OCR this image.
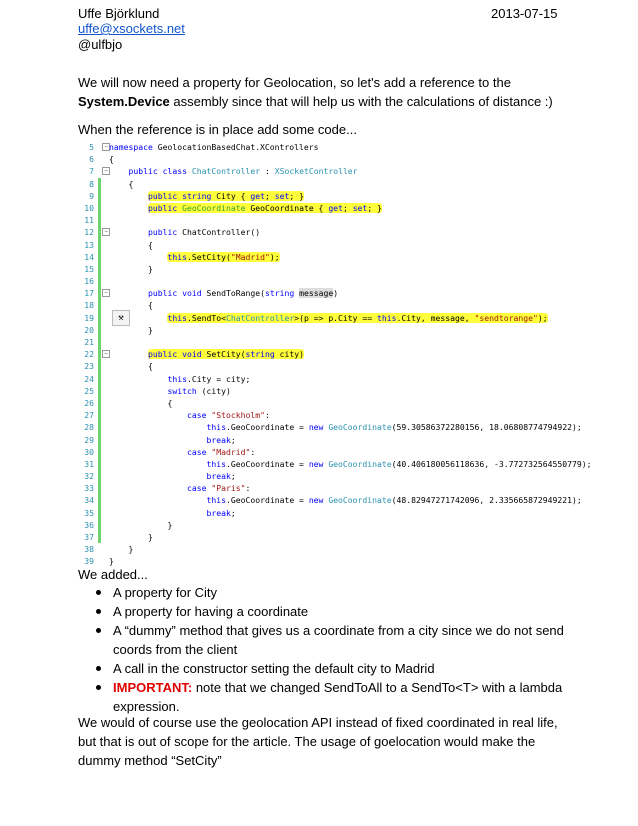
Uffe Björklund	2013-07-15
uffe@xsockets.net
@ulfbjo
We will now need a property for Geolocation, so let's add a reference to the System.Device assembly since that will help us with the calculations of distance :)
When the reference is in place add some code...
5	− namespace GeolocationBasedChat.XControllers
6 {
7	−	public class ChatController : XSocketController
8	{
9	public string City { get; set; }
10	public GeoCoordinate GeoCoordinate { get; set; }
11
12	−	public ChatController()
13	{
14	this.SetCity("Madrid");
15	}
16
17	−	public void SendToRange(string message)
18	{
19	⚒	this.SendTo<ChatController>(p => p.City == this.City, message, "sendtorange");
20	}
21
22	−	public void SetCity(string city)
23	{
24	this.City = city;
25	switch (city)
26	{
27	case "Stockholm":
28	this.GeoCoordinate = new GeoCoordinate(59.30586372280156, 18.06808774794922);
29	break;
30	case "Madrid":
31	this.GeoCoordinate = new GeoCoordinate(40.406180056118636, -3.772732564550779);
32	break;
33	case "Paris":
34	this.GeoCoordinate = new GeoCoordinate(48.82947271742096, 2.335665872949221);
35	break;
36	}
37	}
38	}
39 }
We added...
A property for City
A property for having a coordinate
A “dummy” method that gives us a coordinate from a city since we do not send coords from the client
A call in the constructor setting the default city to Madrid
IMPORTANT: note that we changed SendToAll to a SendTo<T> with a lambda expression.
We would of course use the geolocation API instead of fixed coordinated in real life, but that is out of scope for the article. The usage of goelocation would make the dummy method “SetCity”
